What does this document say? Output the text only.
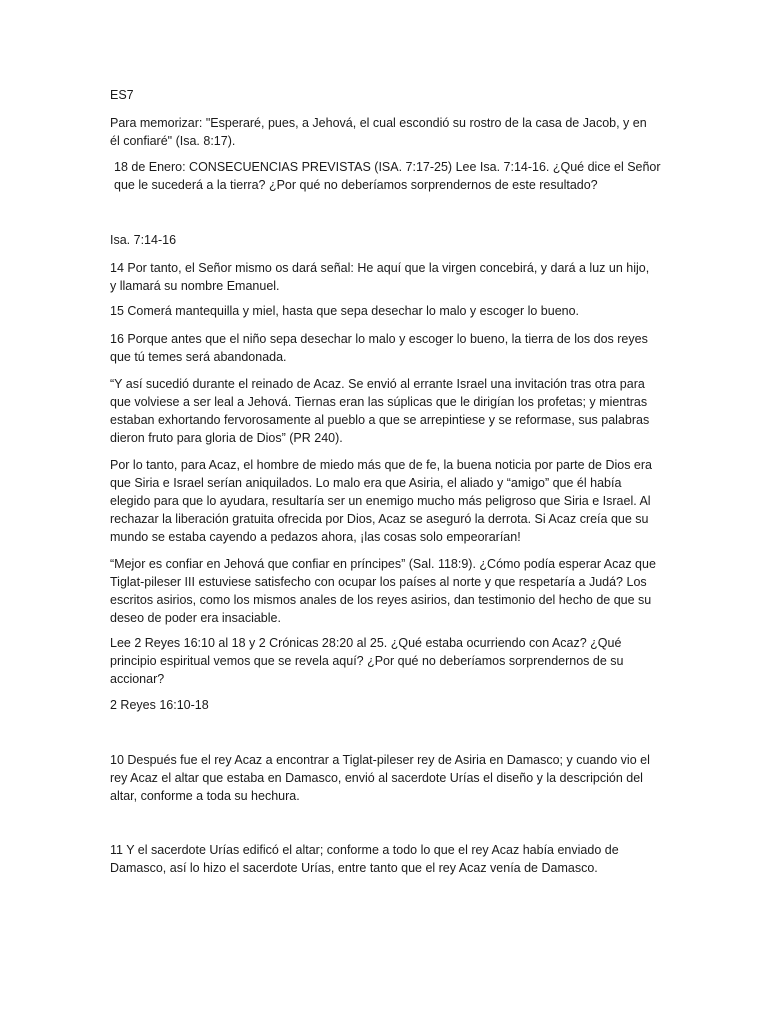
ES7

Para memorizar: "Esperaré, pues, a Jehová, el cual escondió su rostro de la casa de Jacob, y en él confiaré" (Isa. 8:17).

18 de Enero: CONSECUENCIAS PREVISTAS (ISA. 7:17-25) Lee Isa. 7:14-16. ¿Qué dice el Señor que le sucederá a la tierra? ¿Por qué no deberíamos sorprendernos de este resultado?

Isa. 7:14-16

14 Por tanto, el Señor mismo os dará señal: He aquí que la virgen concebirá, y dará a luz un hijo, y llamará su nombre Emanuel.

15 Comerá mantequilla y miel, hasta que sepa desechar lo malo y escoger lo bueno.

16 Porque antes que el niño sepa desechar lo malo y escoger lo bueno, la tierra de los dos reyes que tú temes será abandonada.

“Y así sucedió durante el reinado de Acaz. Se envió al errante Israel una invitación tras otra para que volviese a ser leal a Jehová. Tiernas eran las súplicas que le dirigían los profetas; y mientras estaban exhortando fervorosamente al pueblo a que se arrepintiese y se reformase, sus palabras dieron fruto para gloria de Dios” (PR 240).

Por lo tanto, para Acaz, el hombre de miedo más que de fe, la buena noticia por parte de Dios era que Siria e Israel serían aniquilados. Lo malo era que Asiria, el aliado y “amigo” que él había elegido para que lo ayudara, resultaría ser un enemigo mucho más peligroso que Siria e Israel. Al rechazar la liberación gratuita ofrecida por Dios, Acaz se aseguró la derrota. Si Acaz creía que su mundo se estaba cayendo a pedazos ahora, ¡las cosas solo empeorarían!

“Mejor es confiar en Jehová que confiar en príncipes” (Sal. 118:9). ¿Cómo podía esperar Acaz que Tiglat-pileser III estuviese satisfecho con ocupar los países al norte y que respetaría a Judá? Los escritos asirios, como los mismos anales de los reyes asirios, dan testimonio del hecho de que su deseo de poder era insaciable.

Lee 2 Reyes 16:10 al 18 y 2 Crónicas 28:20 al 25. ¿Qué estaba ocurriendo con Acaz? ¿Qué principio espiritual vemos que se revela aquí? ¿Por qué no deberíamos sorprendernos de su accionar?

2 Reyes 16:10-18

10 Después fue el rey Acaz a encontrar a Tiglat-pileser rey de Asiria en Damasco; y cuando vio el rey Acaz el altar que estaba en Damasco, envió al sacerdote Urías el diseño y la descripción del altar, conforme a toda su hechura.

11 Y el sacerdote Urías edificó el altar; conforme a todo lo que el rey Acaz había enviado de Damasco, así lo hizo el sacerdote Urías, entre tanto que el rey Acaz venía de Damasco.
